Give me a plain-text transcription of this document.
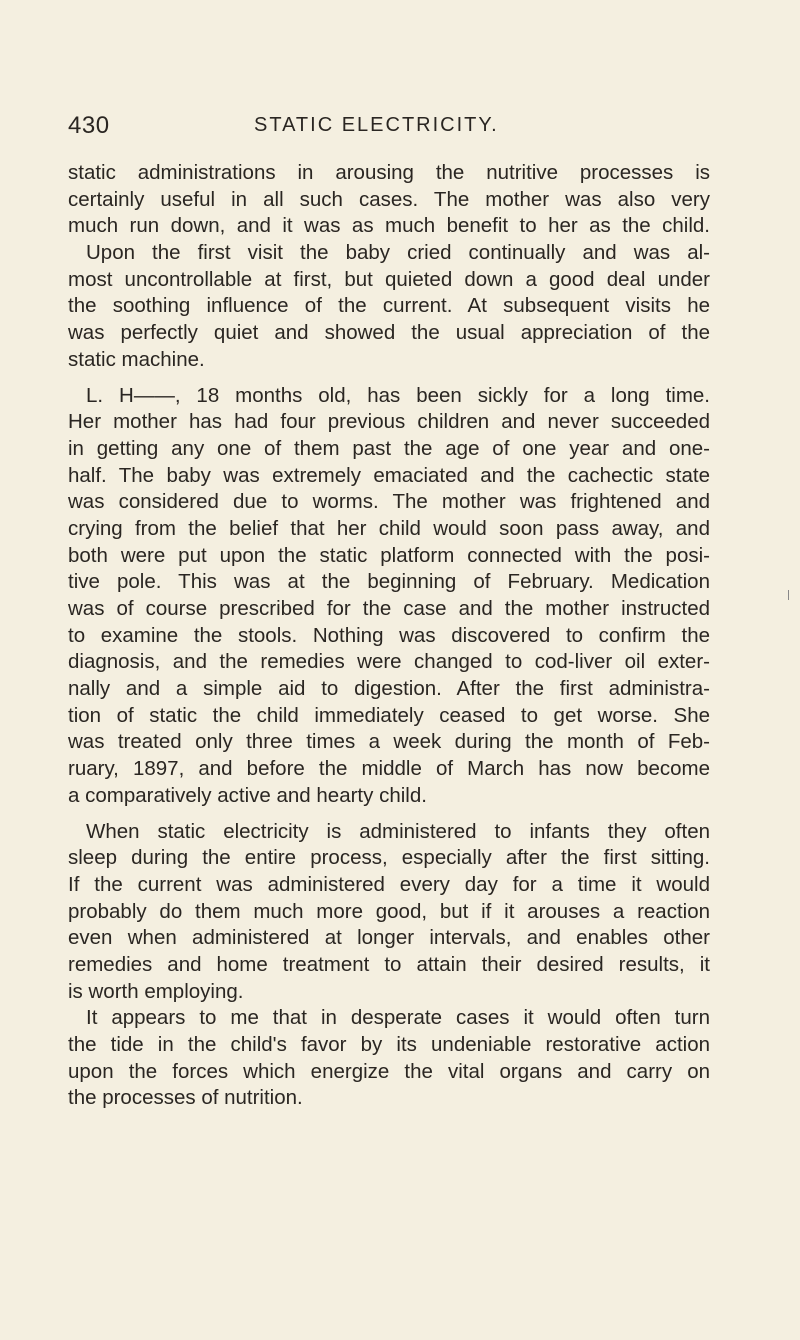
430	STATIC ELECTRICITY.
static administrations in arousing the nutritive processes is
certainly useful in all such cases. The mother was also very
much run down, and it was as much benefit to her as the child.
Upon the first visit the baby cried continually and was al-
most uncontrollable at first, but quieted down a good deal under
the soothing influence of the current. At subsequent visits he
was perfectly quiet and showed the usual appreciation of the
static machine.
L. H——, 18 months old, has been sickly for a long time.
Her mother has had four previous children and never succeeded
in getting any one of them past the age of one year and one-
half. The baby was extremely emaciated and the cachectic state
was considered due to worms. The mother was frightened and
crying from the belief that her child would soon pass away, and
both were put upon the static platform connected with the posi-
tive pole. This was at the beginning of February. Medication
was of course prescribed for the case and the mother instructed
to examine the stools. Nothing was discovered to confirm the
diagnosis, and the remedies were changed to cod-liver oil exter-
nally and a simple aid to digestion. After the first administra-
tion of static the child immediately ceased to get worse. She
was treated only three times a week during the month of Feb-
ruary, 1897, and before the middle of March has now become
a comparatively active and hearty child.
When static electricity is administered to infants they often
sleep during the entire process, especially after the first sitting.
If the current was administered every day for a time it would
probably do them much more good, but if it arouses a reaction
even when administered at longer intervals, and enables other
remedies and home treatment to attain their desired results, it
is worth employing.
It appears to me that in desperate cases it would often turn
the tide in the child's favor by its undeniable restorative action
upon the forces which energize the vital organs and carry on
the processes of nutrition.
